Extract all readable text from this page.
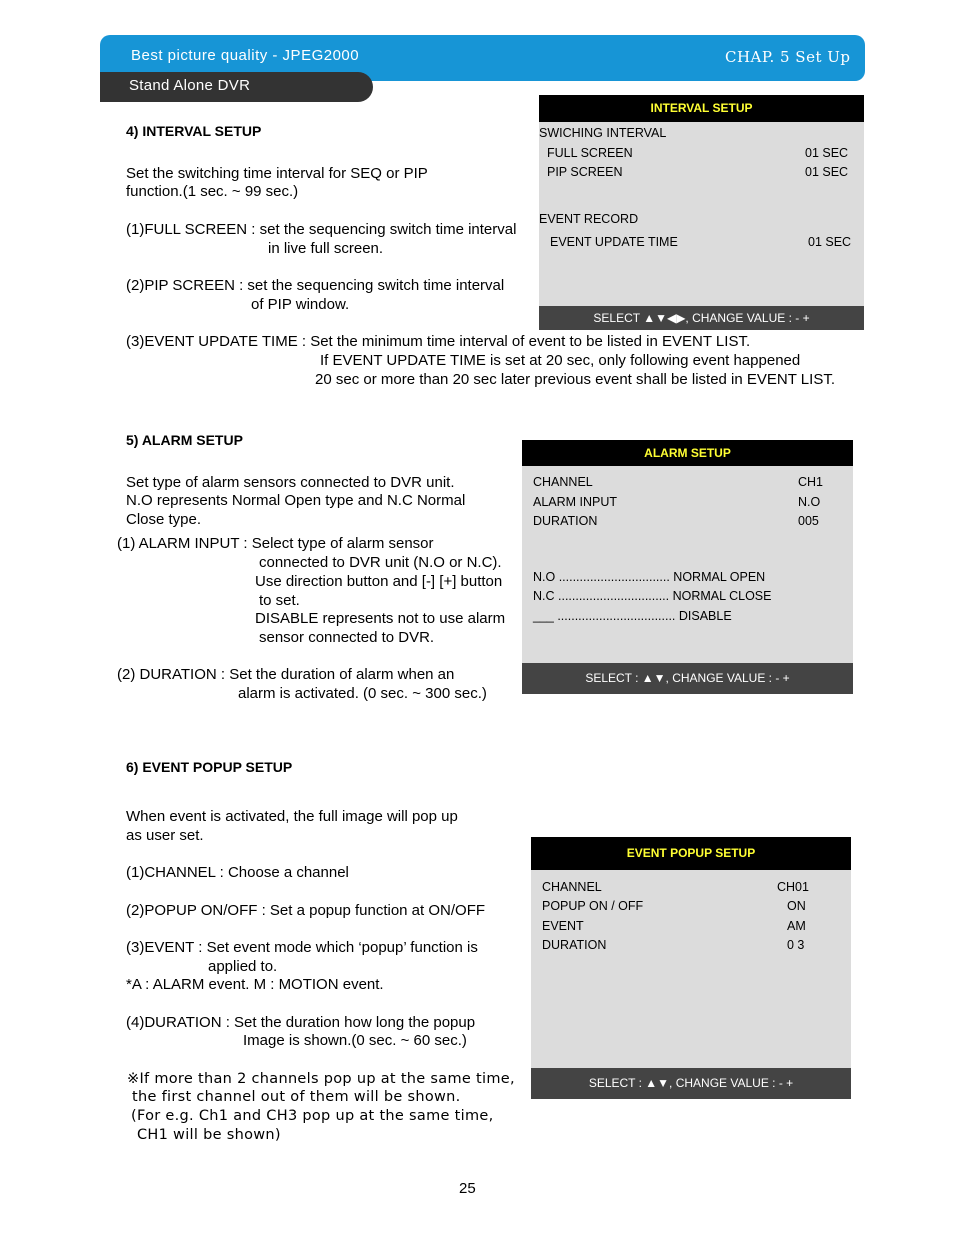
Best picture quality - JPEG2000	CHAP. 5 Set Up
Stand Alone DVR
4) INTERVAL SETUP
Set the switching time interval for SEQ or PIP
function.(1 sec. ~ 99 sec.)
(1)FULL SCREEN : set the sequencing switch time interval
in live full screen.
(2)PIP SCREEN : set the sequencing switch time interval
of PIP window.
(3)EVENT UPDATE TIME : Set the minimum time interval of event to be listed in EVENT LIST.
If EVENT UPDATE TIME is set at 20 sec, only following event happened
20 sec or more than 20 sec later previous event shall be listed in EVENT LIST.
INTERVAL SETUP
SWICHING INTERVAL
FULL SCREEN	01 SEC
PIP SCREEN	01 SEC
EVENT RECORD
EVENT UPDATE TIME	01 SEC
SELECT ▲▼◀▶, CHANGE VALUE : - +
5) ALARM SETUP
Set type of alarm sensors connected to DVR unit.
N.O represents Normal Open type and N.C Normal
Close type.
(1) ALARM INPUT : Select type of alarm sensor
connected to DVR unit (N.O or N.C).
Use direction button and [-] [+] button
to set.
DISABLE represents not to use alarm
sensor connected to DVR.
(2) DURATION : Set the duration of alarm when an
alarm is activated. (0 sec. ~ 300 sec.)
ALARM SETUP
CHANNEL	CH1
ALARM INPUT	N.O
DURATION	005
N.O ................................ NORMAL OPEN
N.C ................................ NORMAL CLOSE
___ .................................. DISABLE
SELECT : ▲▼, CHANGE VALUE : - +
6) EVENT POPUP SETUP
When event is activated, the full image will pop up
as user set.
(1)CHANNEL : Choose a channel
(2)POPUP ON/OFF : Set a popup function at ON/OFF
(3)EVENT : Set event mode which ‘popup’ function is
applied to.
*A : ALARM event. M : MOTION event.
(4)DURATION : Set the duration how long the popup
Image is shown.(0 sec. ~ 60 sec.)
※If more than 2 channels pop up at the same time,
the first channel out of them will be shown.
(For e.g. Ch1 and CH3 pop up at the same time,
CH1 will be shown)
EVENT POPUP SETUP
CHANNEL	CH01
POPUP ON / OFF	ON
EVENT	AM
DURATION	0 3
SELECT : ▲▼, CHANGE VALUE : - +
25
